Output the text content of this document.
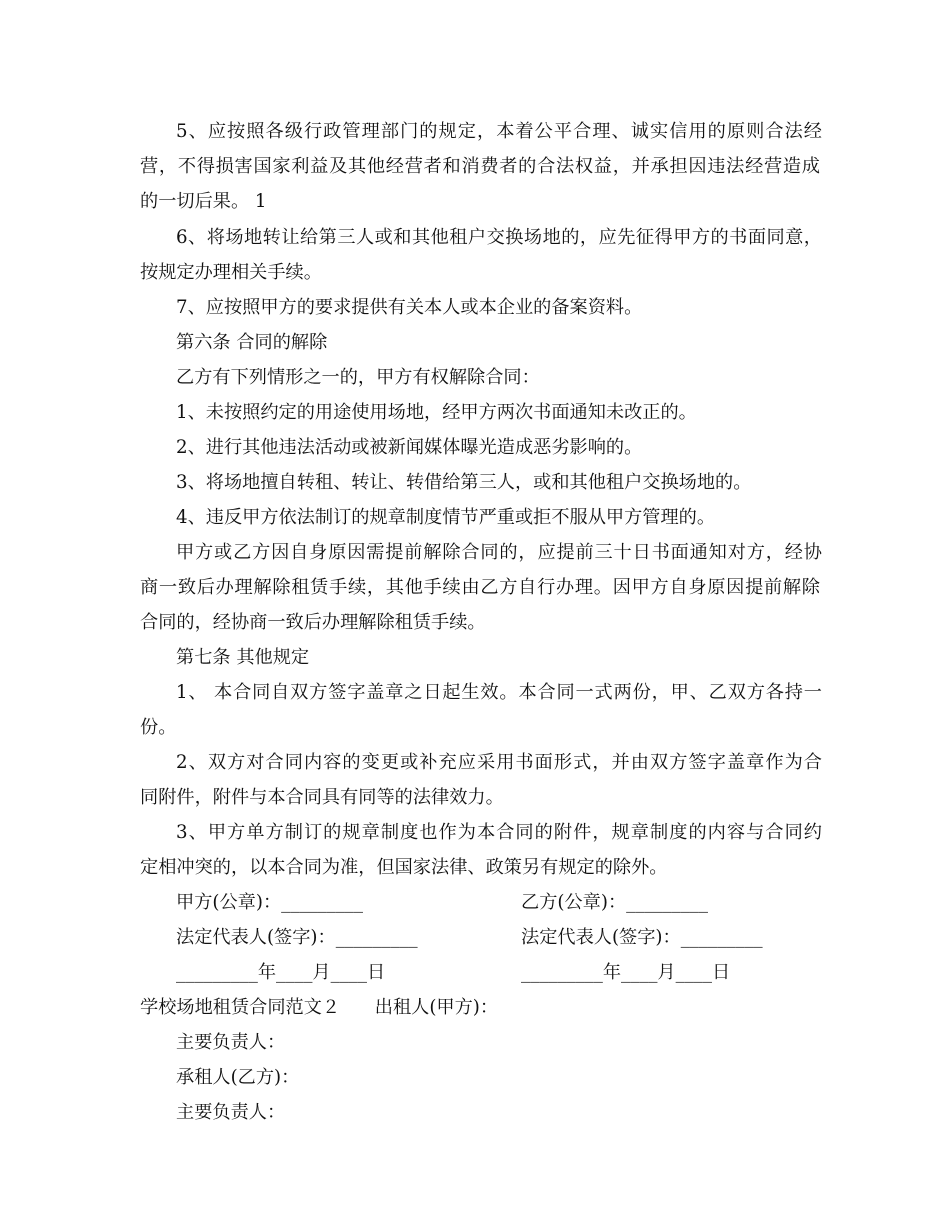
5、应按照各级行政管理部门的规定，本着公平合理、诚实信用的原则合法经
营，不得损害国家利益及其他经营者和消费者的合法权益，并承担因违法经营造成
的一切后果。 1
6、将场地转让给第三人或和其他租户交换场地的，应先征得甲方的书面同意，
按规定办理相关手续。
7、应按照甲方的要求提供有关本人或本企业的备案资料。
第六条 合同的解除
乙方有下列情形之一的，甲方有权解除合同：
1、未按照约定的用途使用场地，经甲方两次书面通知未改正的。
2、进行其他违法活动或被新闻媒体曝光造成恶劣影响的。
3、将场地擅自转租、转让、转借给第三人，或和其他租户交换场地的。
4、违反甲方依法制订的规章制度情节严重或拒不服从甲方管理的。
甲方或乙方因自身原因需提前解除合同的，应提前三十日书面通知对方，经协
商一致后办理解除租赁手续，其他手续由乙方自行办理。因甲方自身原因提前解除
合同的，经协商一致后办理解除租赁手续。
第七条 其他规定
1、 本合同自双方签字盖章之日起生效。本合同一式两份，甲、乙双方各持一
份。
2、双方对合同内容的变更或补充应采用书面形式，并由双方签字盖章作为合
同附件，附件与本合同具有同等的法律效力。
3、甲方单方制订的规章制度也作为本合同的附件，规章制度的内容与合同约
定相冲突的，以本合同为准，但国家法律、政策另有规定的除外。
甲方(公章)：_________	乙方(公章)：_________
法定代表人(签字)：_________	法定代表人(签字)：_________
_________年____月____日	_________年____月____日
学校场地租赁合同范文２      出租人(甲方)：
主要负责人：
承租人(乙方)：
主要负责人：
